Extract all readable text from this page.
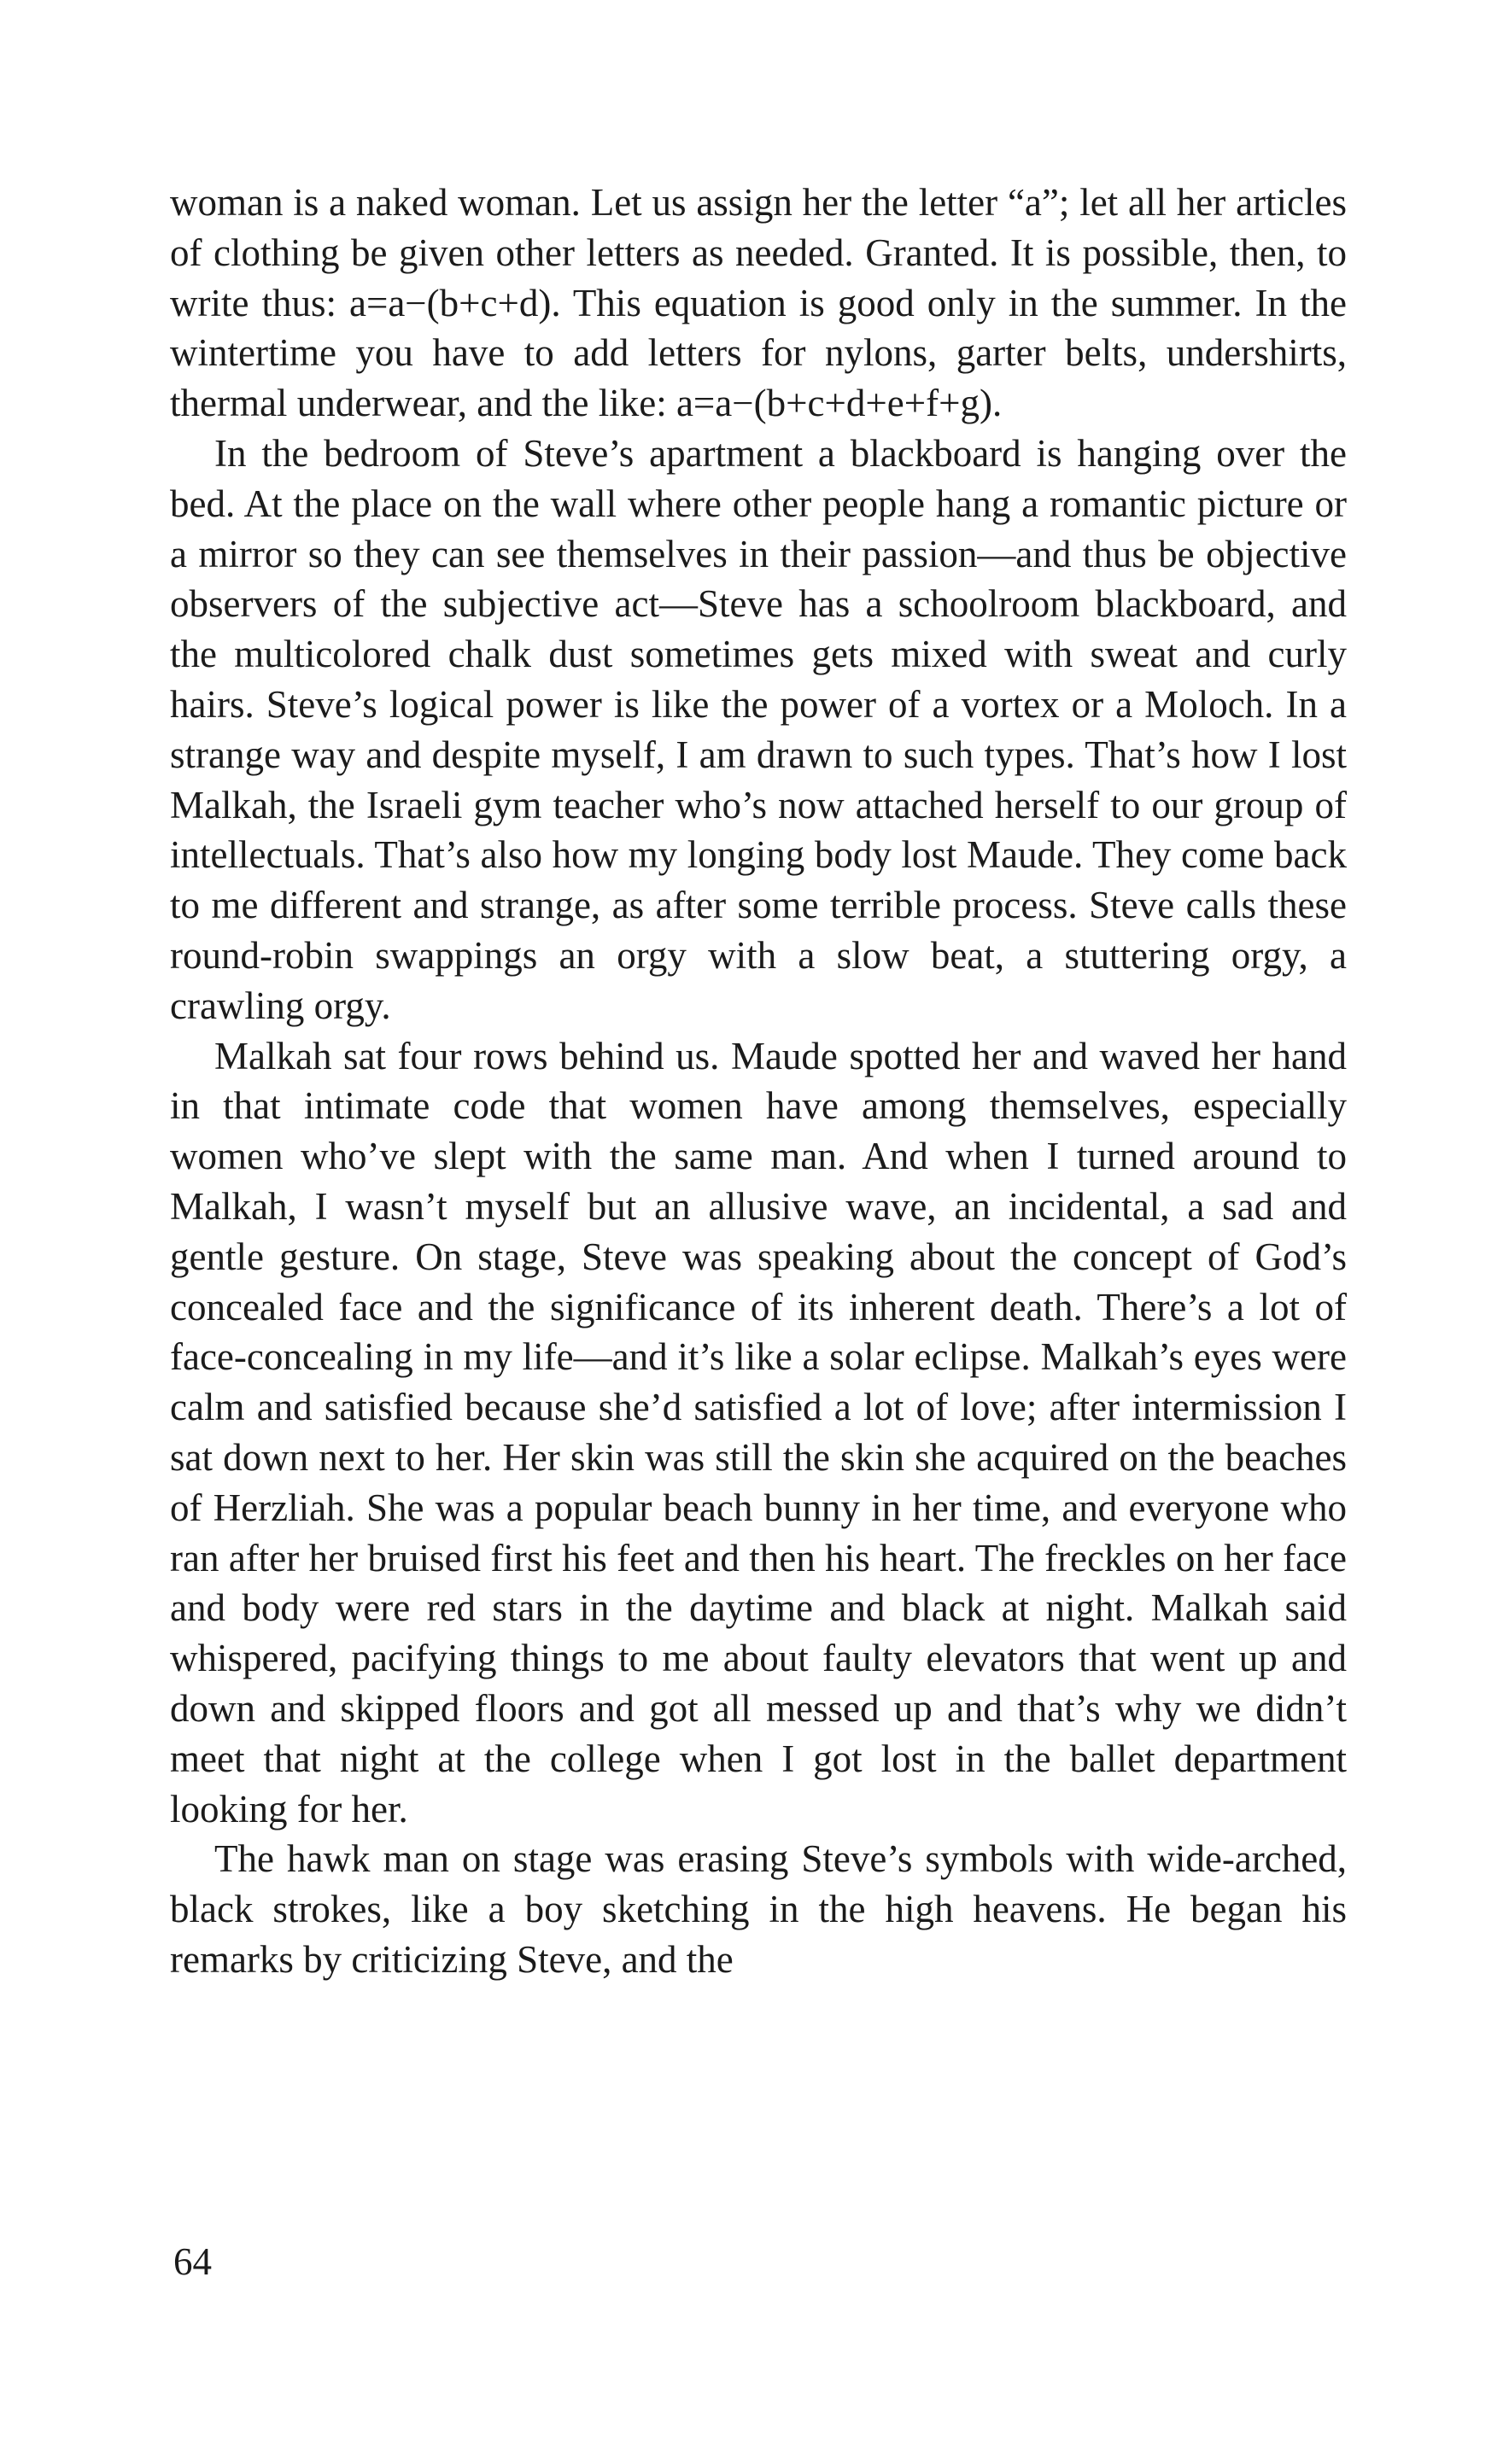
woman is a naked woman. Let us assign her the letter “a”; let all her articles of clothing be given other letters as needed. Granted. It is possible, then, to write thus: a=a−(b+c+d). This equation is good only in the summer. In the wintertime you have to add letters for nylons, garter belts, undershirts, thermal underwear, and the like: a=a−(b+c+d+e+f+g).

In the bedroom of Steve’s apartment a blackboard is hanging over the bed. At the place on the wall where other people hang a romantic picture or a mirror so they can see themselves in their passion—and thus be objective observers of the subjective act—Steve has a schoolroom blackboard, and the multicolored chalk dust sometimes gets mixed with sweat and curly hairs. Steve’s logical power is like the power of a vortex or a Moloch. In a strange way and despite myself, I am drawn to such types. That’s how I lost Malkah, the Israeli gym teacher who’s now attached herself to our group of intellectuals. That’s also how my longing body lost Maude. They come back to me different and strange, as after some terrible process. Steve calls these round-robin swappings an orgy with a slow beat, a stuttering orgy, a crawling orgy.

Malkah sat four rows behind us. Maude spotted her and waved her hand in that intimate code that women have among themselves, especially women who’ve slept with the same man. And when I turned around to Malkah, I wasn’t myself but an allusive wave, an incidental, a sad and gentle gesture. On stage, Steve was speaking about the concept of God’s concealed face and the significance of its inherent death. There’s a lot of face-concealing in my life—and it’s like a solar eclipse. Malkah’s eyes were calm and satisfied because she’d satisfied a lot of love; after intermission I sat down next to her. Her skin was still the skin she acquired on the beaches of Herzliah. She was a popular beach bunny in her time, and everyone who ran after her bruised first his feet and then his heart. The freckles on her face and body were red stars in the daytime and black at night. Malkah said whispered, pacifying things to me about faulty elevators that went up and down and skipped floors and got all messed up and that’s why we didn’t meet that night at the college when I got lost in the ballet department looking for her.

The hawk man on stage was erasing Steve’s symbols with wide-arched, black strokes, like a boy sketching in the high heavens. He began his remarks by criticizing Steve, and the

64
